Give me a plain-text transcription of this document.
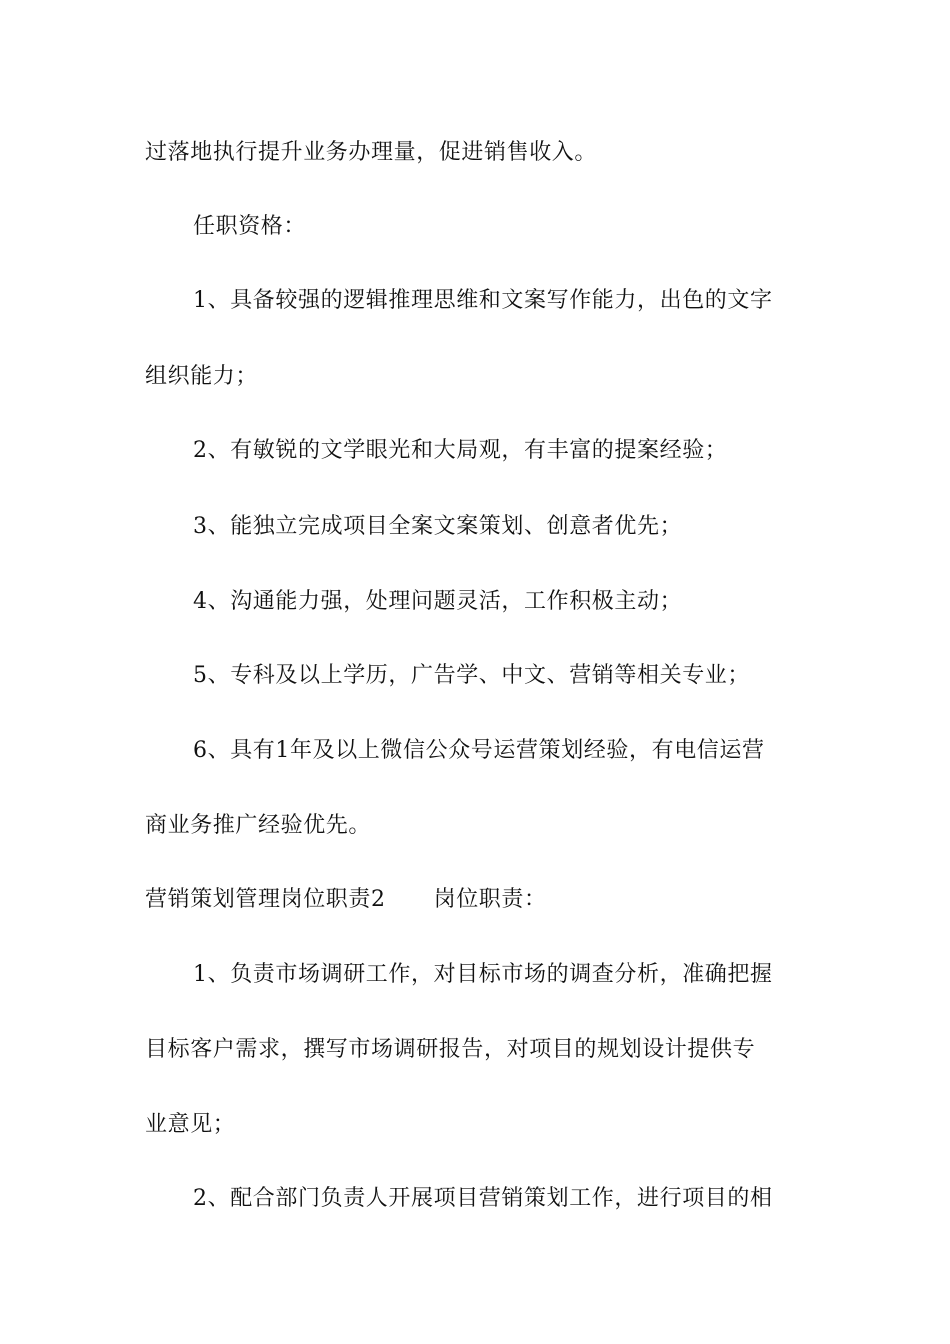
过落地执行提升业务办理量，促进销售收入。
任职资格：
1、具备较强的逻辑推理思维和文案写作能力，出色的文字
组织能力；
2、有敏锐的文学眼光和大局观，有丰富的提案经验；
3、能独立完成项目全案文案策划、创意者优先；
4、沟通能力强，处理问题灵活，工作积极主动；
5、专科及以上学历，广告学、中文、营销等相关专业；
6、具有1年及以上微信公众号运营策划经验，有电信运营
商业务推广经验优先。
营销策划管理岗位职责2 岗位职责：
1、负责市场调研工作，对目标市场的调查分析，准确把握
目标客户需求，撰写市场调研报告，对项目的规划设计提供专
业意见；
2、配合部门负责人开展项目营销策划工作，进行项目的相
